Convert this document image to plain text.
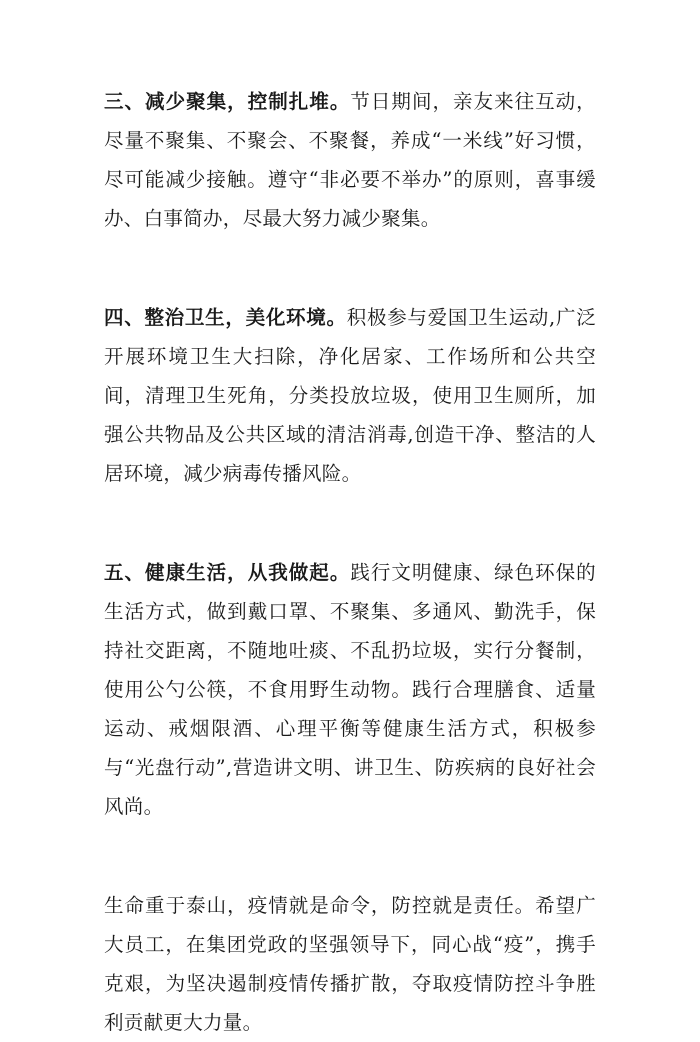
三、减少聚集，控制扎堆。节日期间，亲友来往互动，尽量不聚集、不聚会、不聚餐，养成“一米线”好习惯，尽可能减少接触。遵守“非必要不举办”的原则，喜事缓办、白事简办，尽最大努力减少聚集。

四、整治卫生，美化环境。积极参与爱国卫生运动,广泛开展环境卫生大扫除，净化居家、工作场所和公共空间，清理卫生死角，分类投放垃圾，使用卫生厕所，加强公共物品及公共区域的清洁消毒,创造干净、整洁的人居环境，减少病毒传播风险。

五、健康生活，从我做起。践行文明健康、绿色环保的生活方式，做到戴口罩、不聚集、多通风、勤洗手，保持社交距离，不随地吐痰、不乱扔垃圾，实行分餐制，使用公勺公筷，不食用野生动物。践行合理膳食、适量运动、戒烟限酒、心理平衡等健康生活方式，积极参与“光盘行动”,营造讲文明、讲卫生、防疾病的良好社会风尚。

生命重于泰山，疫情就是命令，防控就是责任。希望广大员工，在集团党政的坚强领导下，同心战“疫”，携手克艰，为坚决遏制疫情传播扩散，夺取疫情防控斗争胜利贡献更大力量。
